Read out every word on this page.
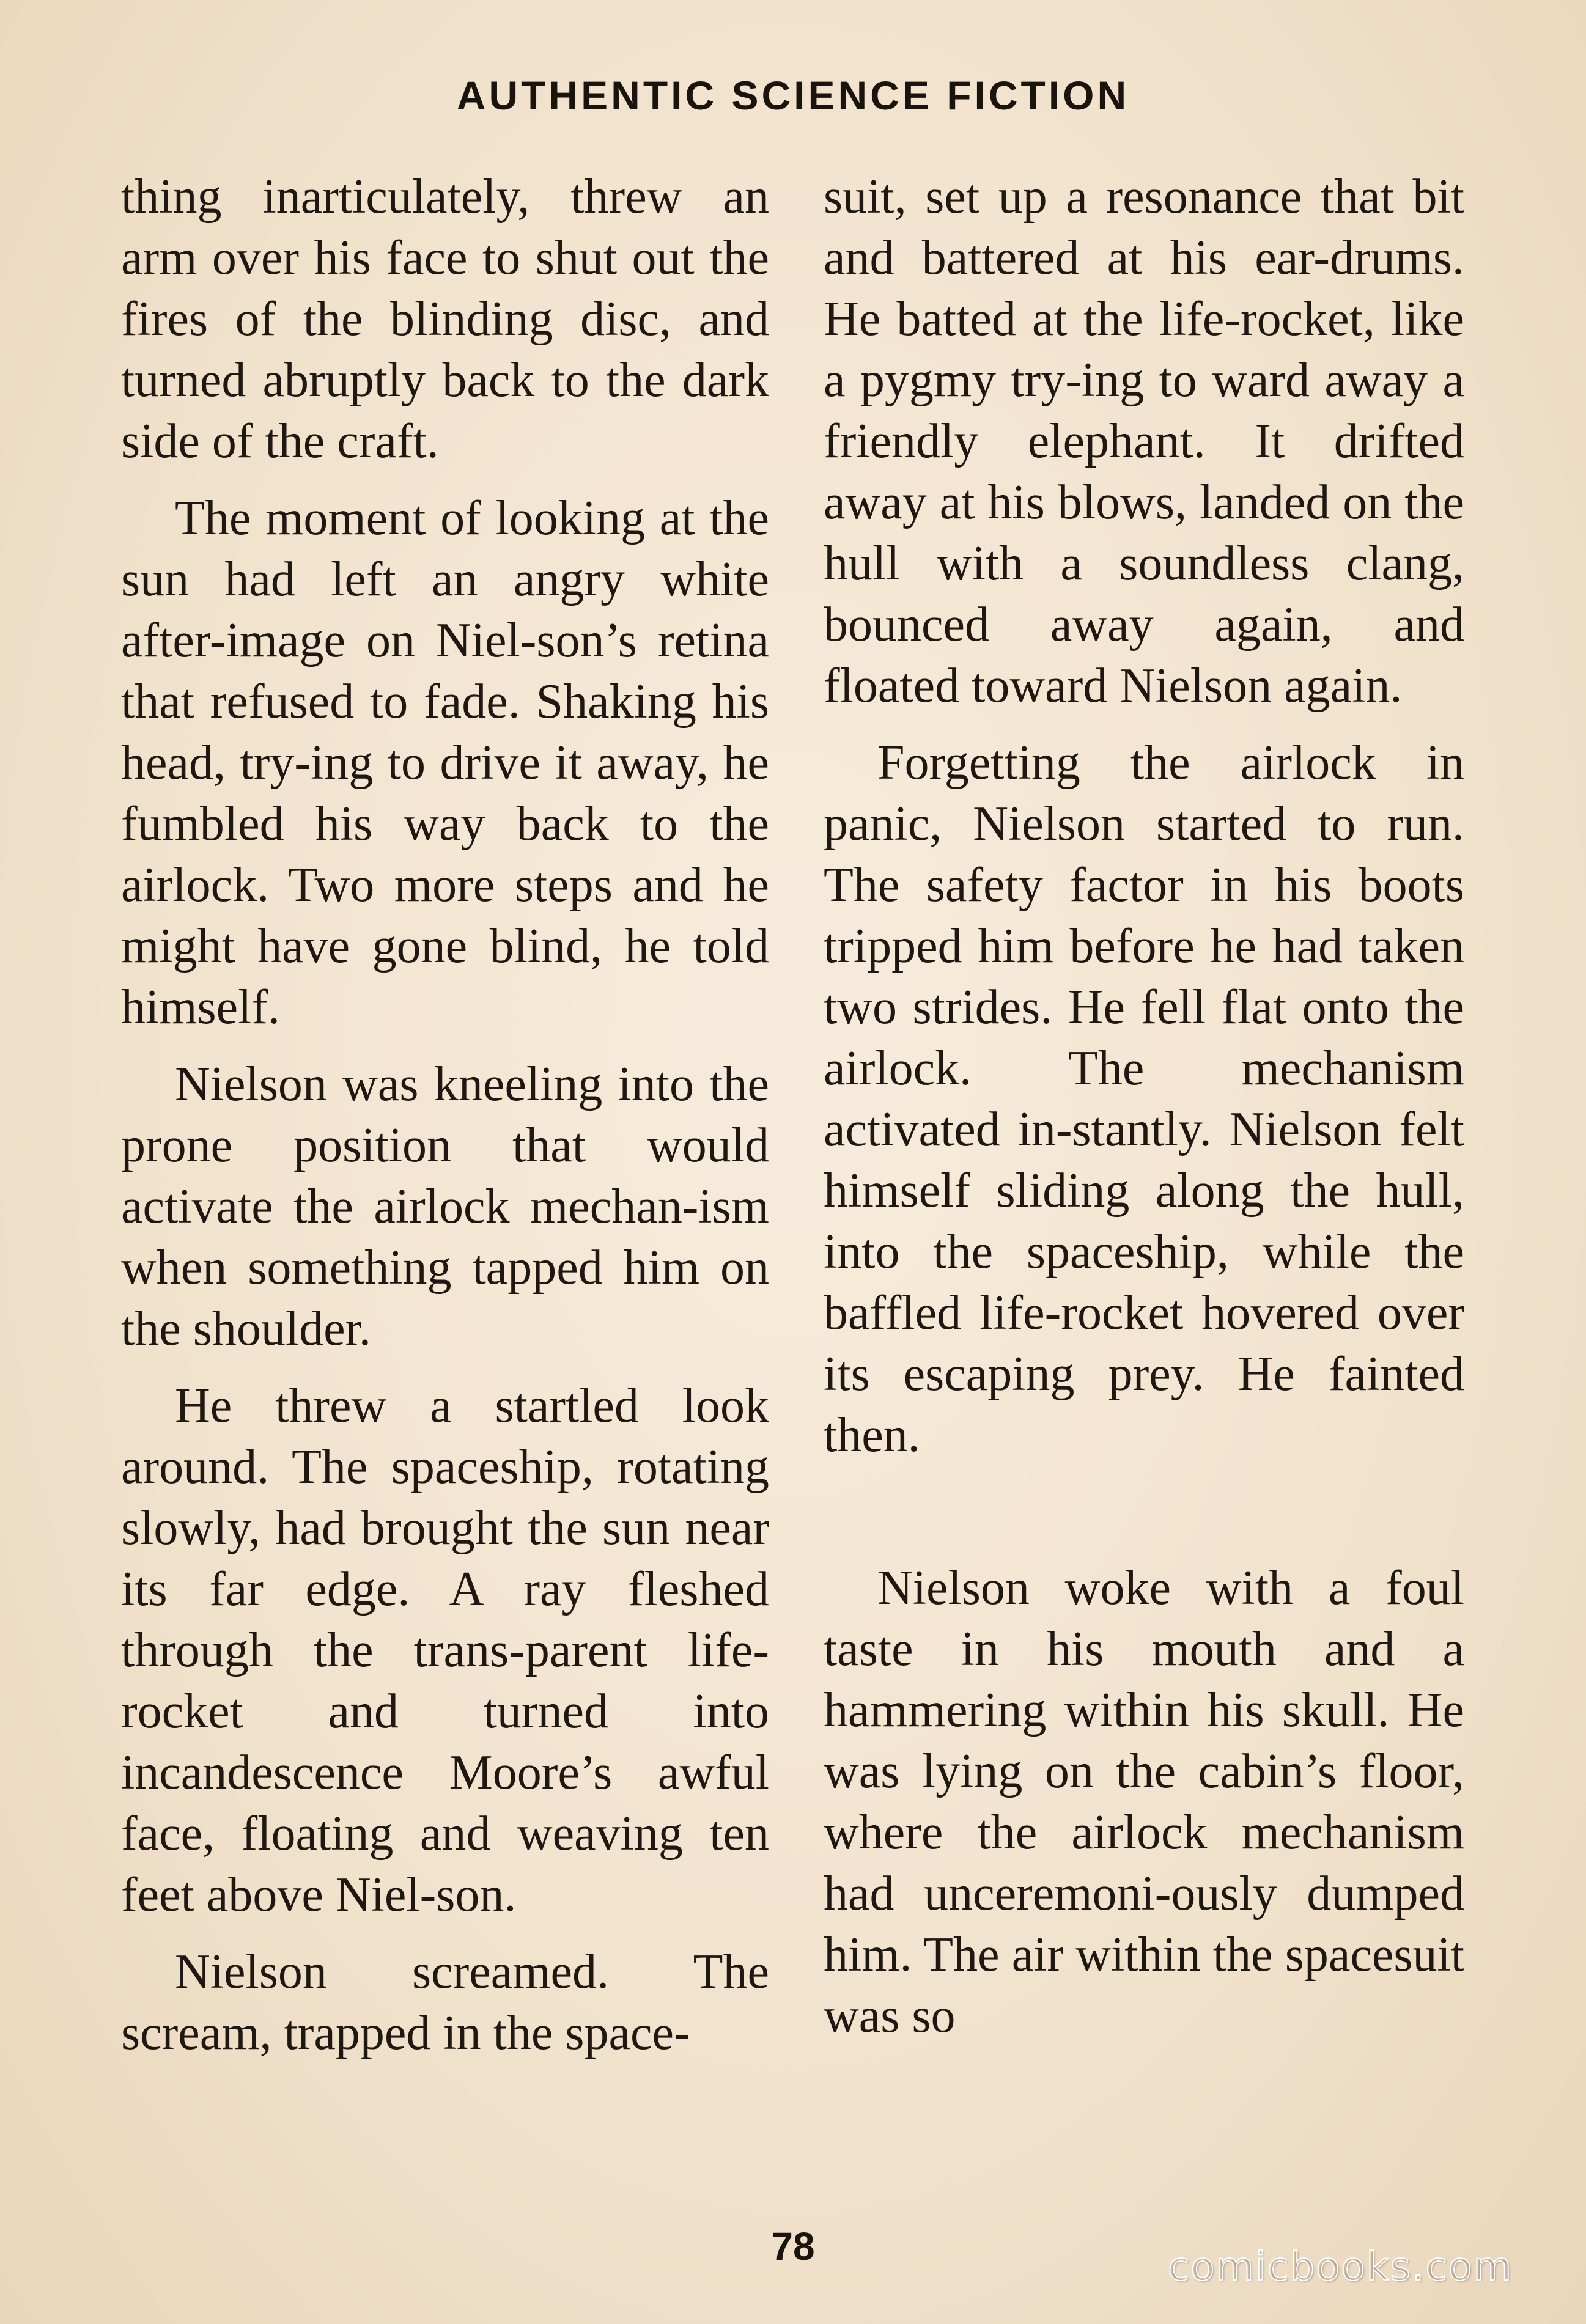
AUTHENTIC SCIENCE FICTION

thing inarticulately, threw an arm over his face to shut out the fires of the blinding disc, and turned abruptly back to the dark side of the craft.

The moment of looking at the sun had left an angry white after-image on Niel-son’s retina that refused to fade. Shaking his head, try-ing to drive it away, he fumbled his way back to the airlock. Two more steps and he might have gone blind, he told himself.

Nielson was kneeling into the prone position that would activate the airlock mechan-ism when something tapped him on the shoulder.

He threw a startled look around. The spaceship, rotating slowly, had brought the sun near its far edge. A ray fleshed through the trans-parent life-rocket and turned into incandescence Moore’s awful face, floating and weaving ten feet above Niel-son.

Nielson screamed. The scream, trapped in the space-

suit, set up a resonance that bit and battered at his ear-drums. He batted at the life-rocket, like a pygmy try-ing to ward away a friendly elephant. It drifted away at his blows, landed on the hull with a soundless clang, bounced away again, and floated toward Nielson again.

Forgetting the airlock in panic, Nielson started to run. The safety factor in his boots tripped him before he had taken two strides. He fell flat onto the airlock. The mechanism activated in-stantly. Nielson felt himself sliding along the hull, into the spaceship, while the baffled life-rocket hovered over its escaping prey. He fainted then.

Nielson woke with a foul taste in his mouth and a hammering within his skull. He was lying on the cabin’s floor, where the airlock mechanism had unceremoni-ously dumped him. The air within the spacesuit was so

78	comicbooks.com
